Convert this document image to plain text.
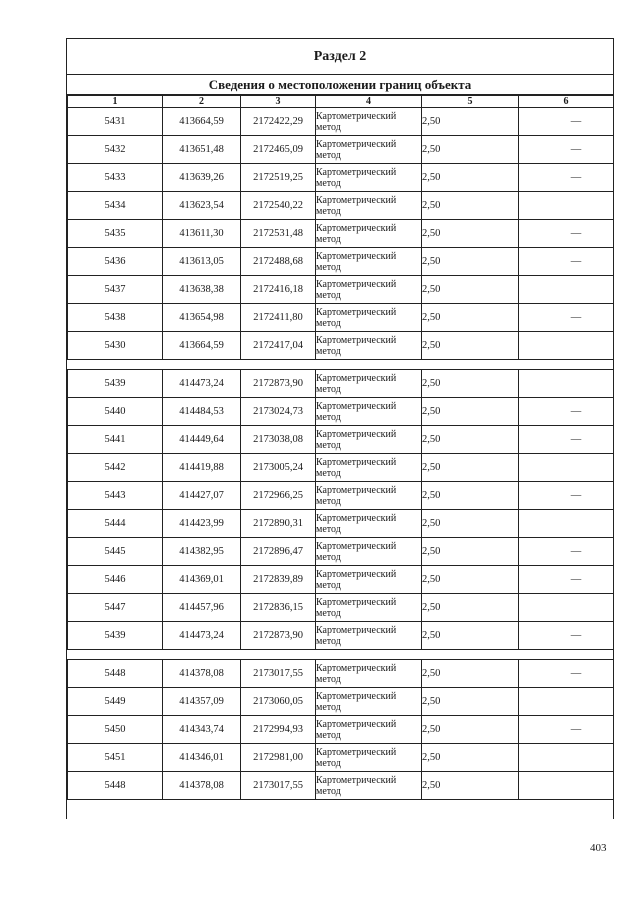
Раздел 2
Сведения о местоположении границ объекта
1	2	3	4	5	6
5431	413664,59	2172422,29	Картометрический метод	2,50	—
5432	413651,48	2172465,09	Картометрический метод	2,50	—
5433	413639,26	2172519,25	Картометрический метод	2,50	—
5434	413623,54	2172540,22	Картометрический метод	2,50	
5435	413611,30	2172531,48	Картометрический метод	2,50	—
5436	413613,05	2172488,68	Картометрический метод	2,50	—
5437	413638,38	2172416,18	Картометрический метод	2,50	
5438	413654,98	2172411,80	Картометрический метод	2,50	—
5430	413664,59	2172417,04	Картометрический метод	2,50	

5439	414473,24	2172873,90	Картометрический метод	2,50	
5440	414484,53	2173024,73	Картометрический метод	2,50	—
5441	414449,64	2173038,08	Картометрический метод	2,50	—
5442	414419,88	2173005,24	Картометрический метод	2,50	
5443	414427,07	2172966,25	Картометрический метод	2,50	—
5444	414423,99	2172890,31	Картометрический метод	2,50	
5445	414382,95	2172896,47	Картометрический метод	2,50	—
5446	414369,01	2172839,89	Картометрический метод	2,50	—
5447	414457,96	2172836,15	Картометрический метод	2,50	
5439	414473,24	2172873,90	Картометрический метод	2,50	—

5448	414378,08	2173017,55	Картометрический метод	2,50	—
5449	414357,09	2173060,05	Картометрический метод	2,50	
5450	414343,74	2172994,93	Картометрический метод	2,50	—
5451	414346,01	2172981,00	Картометрический метод	2,50	
5448	414378,08	2173017,55	Картометрический метод	2,50	
403
